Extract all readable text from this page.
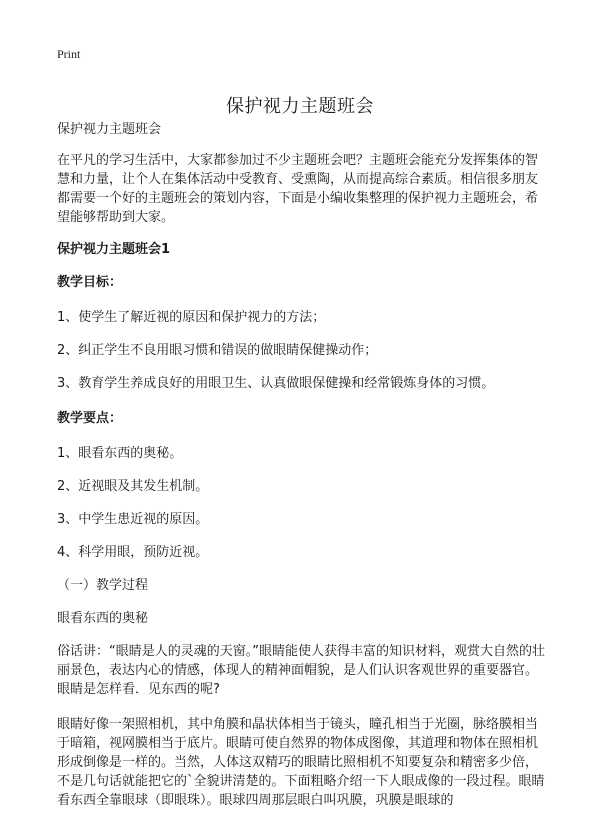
Print
保护视力主题班会

保护视力主题班会

在平凡的学习生活中，大家都参加过不少主题班会吧？主题班会能充分发挥集体的智慧和力量，让个人在集体活动中受教育、受熏陶，从而提高综合素质。相信很多朋友都需要一个好的主题班会的策划内容，下面是小编收集整理的保护视力主题班会，希望能够帮助到大家。

保护视力主题班会1

教学目标：

1、使学生了解近视的原因和保护视力的方法；

2、纠正学生不良用眼习惯和错误的做眼睛保健操动作；

3、教育学生养成良好的用眼卫生、认真做眼保健操和经常锻炼身体的习惯。

教学要点：

1、眼看东西的奥秘。

2、近视眼及其发生机制。

3、中学生患近视的原因。

4、科学用眼，预防近视。

（一）教学过程

眼看东西的奥秘

俗话讲：“眼睛是人的灵魂的天窗。”眼睛能使人获得丰富的知识材料，观赏大自然的壮丽景色，表达内心的情感，体现人的精神面帽貌，是人们认识客观世界的重要器官。眼睛是怎样看．见东西的呢?

眼睛好像一架照相机，其中角膜和晶状体相当于镜头，瞳孔相当于光圈，脉络膜相当于暗箱，视网膜相当于底片。眼睛可使自然界的物体成图像，其道理和物体在照相机形成倒像是一样的。当然，人体这双精巧的眼睛比照相机不知要复杂和精密多少倍，不是几句话就能把它的`全貌讲清楚的。下面粗略介绍一下人眼成像的一段过程。眼睛看东西全靠眼球（即眼珠）。眼球四周那层眼白叫巩膜，巩膜是眼球的
